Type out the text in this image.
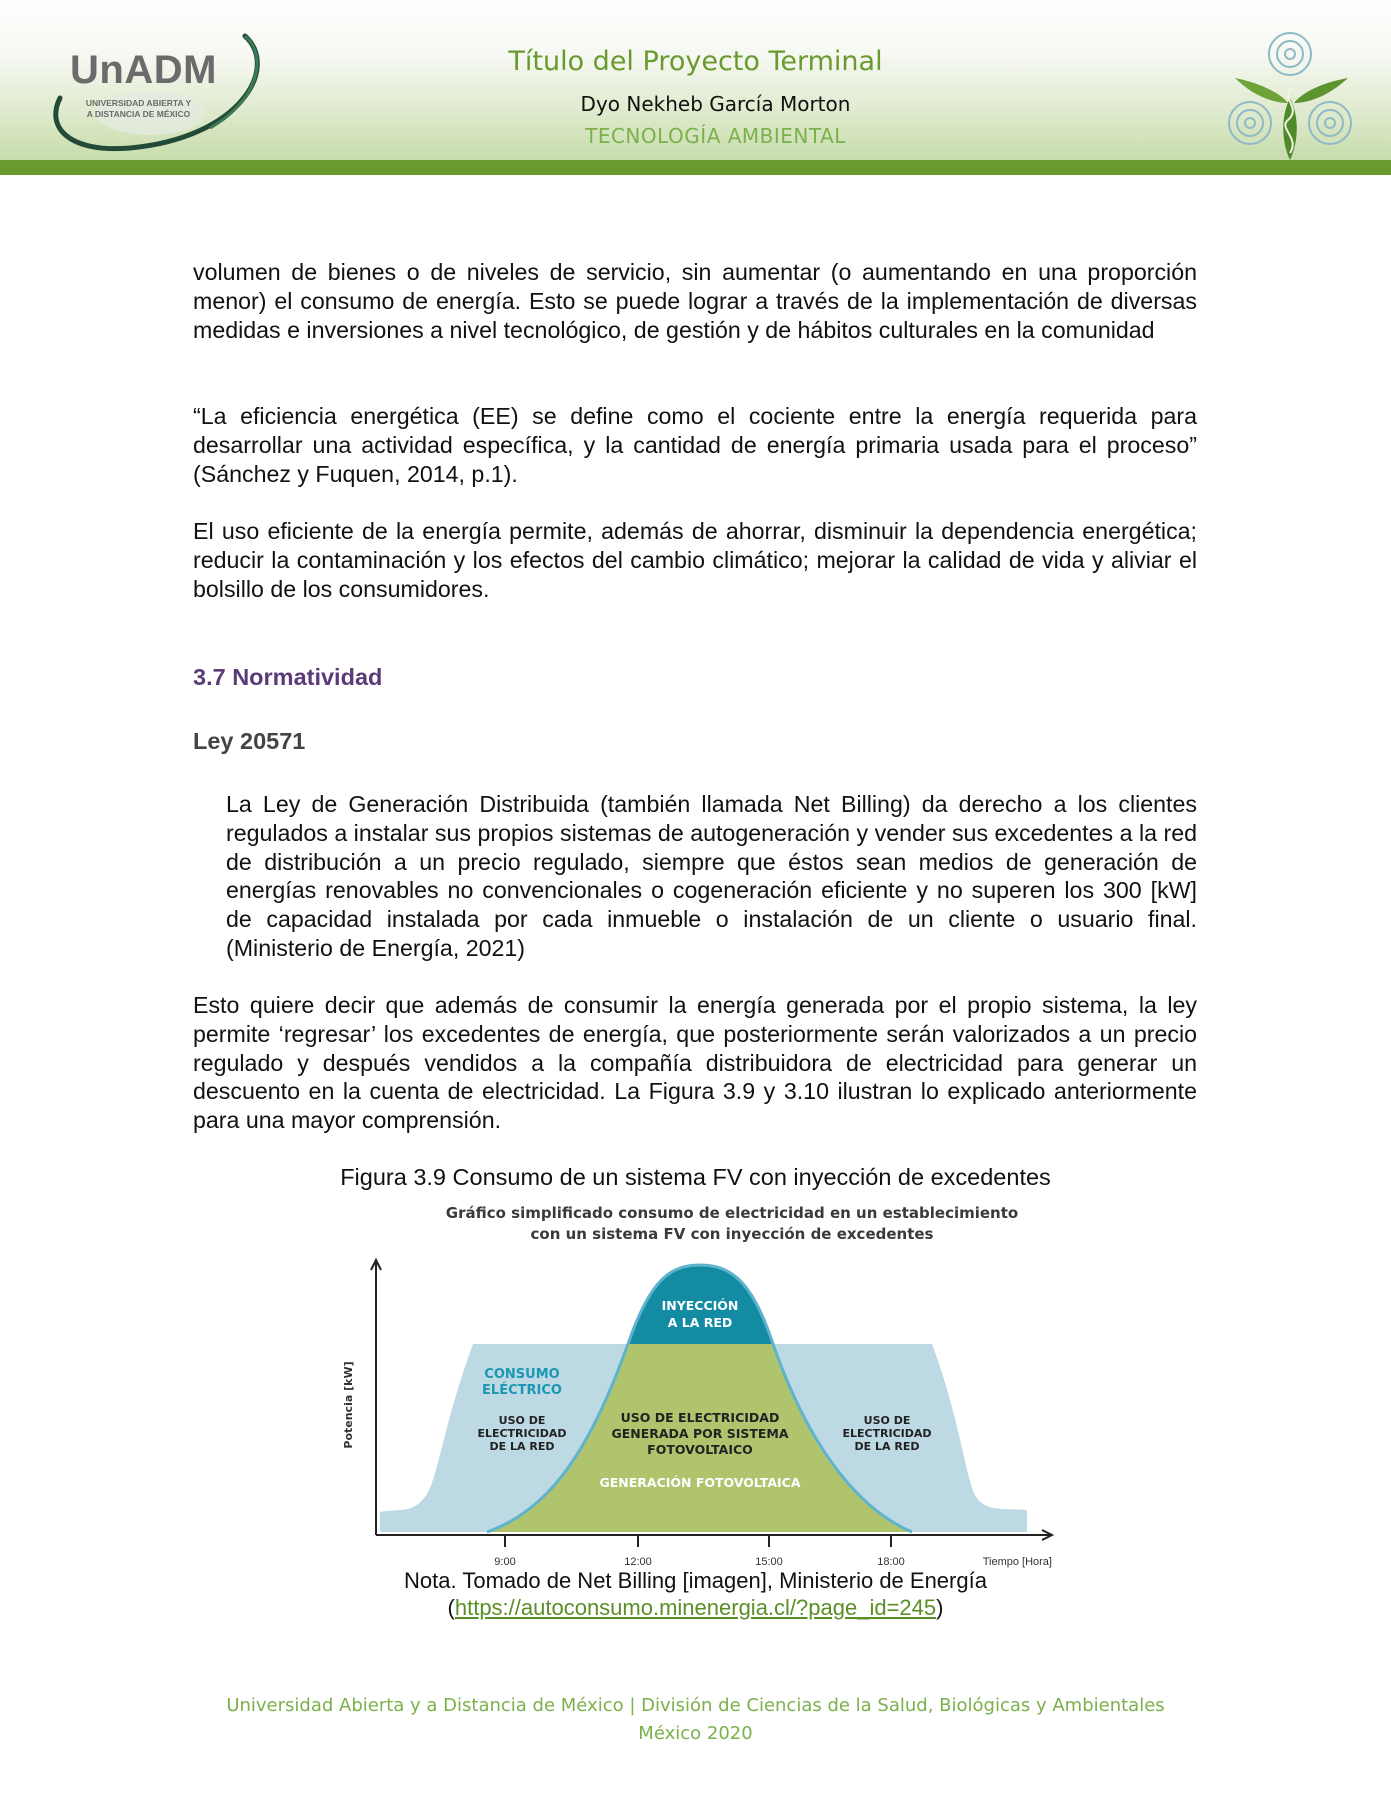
UnADM
UNIVERSIDAD ABIERTA Y
A DISTANCIA DE MÉXICO
Título del Proyecto Terminal
Dyo Nekheb García Morton
TECNOLOGÍA AMBIENTAL

volumen de bienes o de niveles de servicio, sin aumentar (o aumentando en una proporción menor) el consumo de energía. Esto se puede lograr a través de la implementación de diversas medidas e inversiones a nivel tecnológico, de gestión y de hábitos culturales en la comunidad

“La eficiencia energética (EE) se define como el cociente entre la energía requerida para desarrollar una actividad específica, y la cantidad de energía primaria usada para el proceso” (Sánchez y Fuquen, 2014, p.1).

El uso eficiente de la energía permite, además de ahorrar, disminuir la dependencia energética; reducir la contaminación y los efectos del cambio climático; mejorar la calidad de vida y aliviar el bolsillo de los consumidores.

3.7 Normatividad
Ley 20571

La Ley de Generación Distribuida (también llamada Net Billing) da derecho a los clientes regulados a instalar sus propios sistemas de autogeneración y vender sus excedentes a la red de distribución a un precio regulado, siempre que éstos sean medios de generación de energías renovables no convencionales o cogeneración eficiente y no superen los 300 [kW] de capacidad instalada por cada inmueble o instalación de un cliente o usuario final. (Ministerio de Energía, 2021)

Esto quiere decir que además de consumir la energía generada por el propio sistema, la ley permite ‘regresar’ los excedentes de energía, que posteriormente serán valorizados a un precio regulado y después vendidos a la compañía distribuidora de electricidad para generar un descuento en la cuenta de electricidad. La Figura 3.9 y 3.10 ilustran lo explicado anteriormente para una mayor comprensión.

Figura 3.9 Consumo de un sistema FV con inyección de excedentes

Gráfico simplificado consumo de electricidad en un establecimiento
con un sistema FV con inyección de excedentes
9:00	12:00	15:00	18:00	Tiempo [Hora]
Potencia [kW]	CONSUMO
ELÉCTRICO
USO DE
ELECTRICIDAD
DE LA RED
USO DE
ELECTRICIDAD
DE LA RED
INYECCIÓN
A LA RED
USO DE ELECTRICIDAD
GENERADA POR SISTEMA
FOTOVOLTAICO
GENERACIÓN FOTOVOLTAICA
Nota. Tomado de Net Billing [imagen], Ministerio de Energía
(https://autoconsumo.minenergia.cl/?page_id=245)
Universidad Abierta y a Distancia de México | División de Ciencias de la Salud, Biológicas y Ambientales
México 2020
